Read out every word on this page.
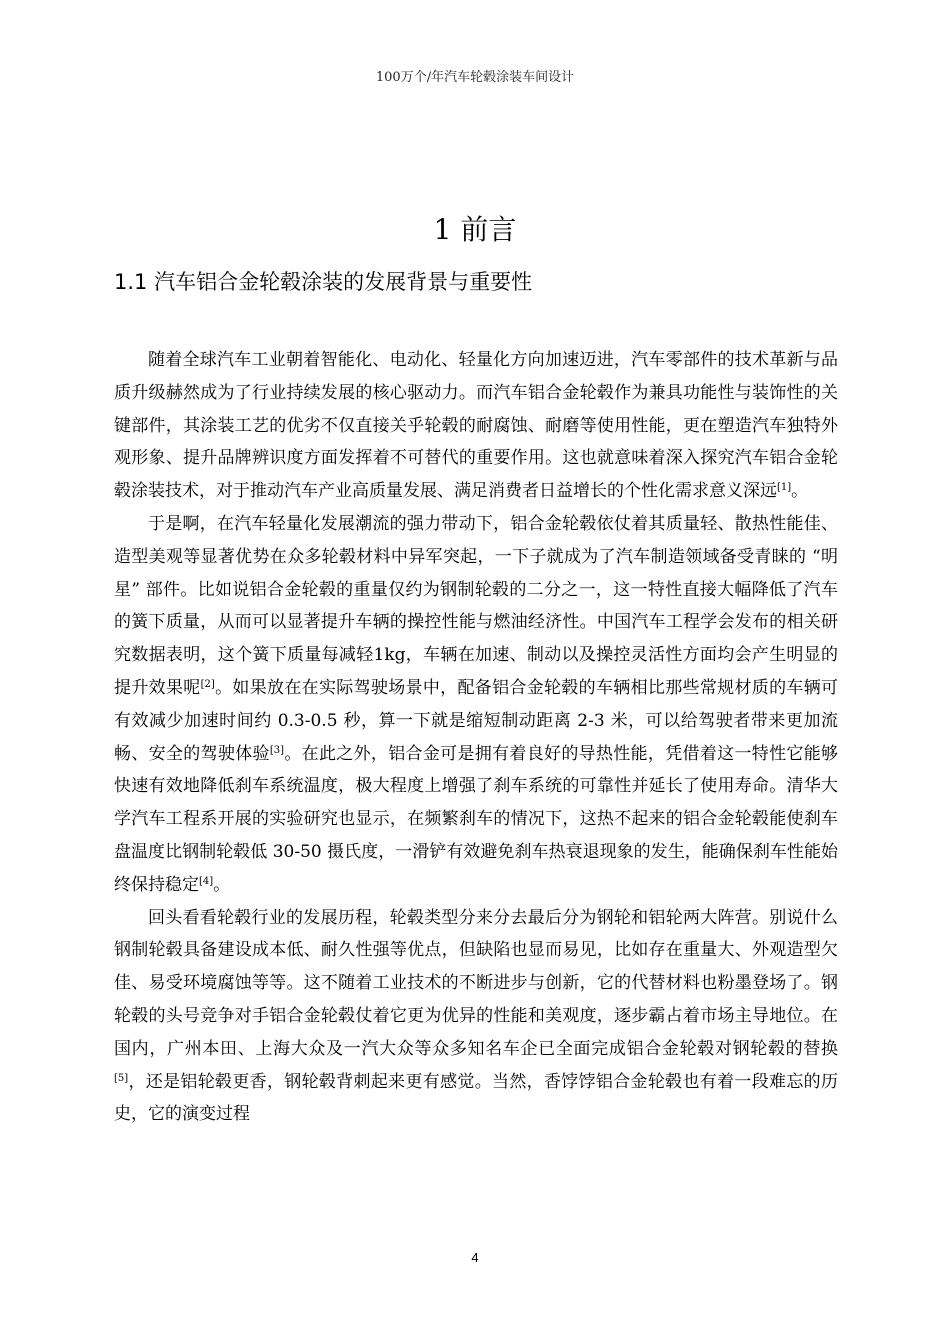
100万个/年汽车轮毂涂装车间设计
1 前言
1.1 汽车铝合金轮毂涂装的发展背景与重要性

随着全球汽车工业朝着智能化、电动化、轻量化方向加速迈进，汽车零部件的技术革新与品质升级赫然成为了行业持续发展的核心驱动力。而汽车铝合金轮毂作为兼具功能性与装饰性的关键部件，其涂装工艺的优劣不仅直接关乎轮毂的耐腐蚀、耐磨等使用性能，更在塑造汽车独特外观形象、提升品牌辨识度方面发挥着不可替代的重要作用。这也就意味着深入探究汽车铝合金轮毂涂装技术，对于推动汽车产业高质量发展、满足消费者日益增长的个性化需求意义深远[1]。

于是啊，在汽车轻量化发展潮流的强力带动下，铝合金轮毂依仗着其质量轻、散热性能佳、造型美观等显著优势在众多轮毂材料中异军突起，一下子就成为了汽车制造领域备受青睐的 “明星” 部件。比如说铝合金轮毂的重量仅约为钢制轮毂的二分之一，这一特性直接大幅降低了汽车的簧下质量，从而可以显著提升车辆的操控性能与燃油经济性。中国汽车工程学会发布的相关研究数据表明，这个簧下质量每减轻1kg，车辆在加速、制动以及操控灵活性方面均会产生明显的提升效果呢[2]。如果放在在实际驾驶场景中，配备铝合金轮毂的车辆相比那些常规材质的车辆可有效减少加速时间约 0.3-0.5 秒，算一下就是缩短制动距离 2-3 米，可以给驾驶者带来更加流畅、安全的驾驶体验[3]。在此之外，铝合金可是拥有着良好的导热性能，凭借着这一特性它能够快速有效地降低刹车系统温度，极大程度上增强了刹车系统的可靠性并延长了使用寿命。清华大学汽车工程系开展的实验研究也显示，在频繁刹车的情况下，这热不起来的铝合金轮毂能使刹车盘温度比钢制轮毂低 30-50 摄氏度，一滑铲有效避免刹车热衰退现象的发生，能确保刹车性能始终保持稳定[4]。

回头看看轮毂行业的发展历程，轮毂类型分来分去最后分为钢轮和铝轮两大阵营。别说什么钢制轮毂具备建设成本低、耐久性强等优点，但缺陷也显而易见，比如存在重量大、外观造型欠佳、易受环境腐蚀等等。这不随着工业技术的不断进步与创新，它的代替材料也粉墨登场了。钢轮毂的头号竞争对手铝合金轮毂仗着它更为优异的性能和美观度，逐步霸占着市场主导地位。在国内，广州本田、上海大众及一汽大众等众多知名车企已全面完成铝合金轮毂对钢轮毂的替换[5]，还是铝轮毂更香，钢轮毂背刺起来更有感觉。当然，香饽饽铝合金轮毂也有着一段难忘的历史，它的演变过程

4
